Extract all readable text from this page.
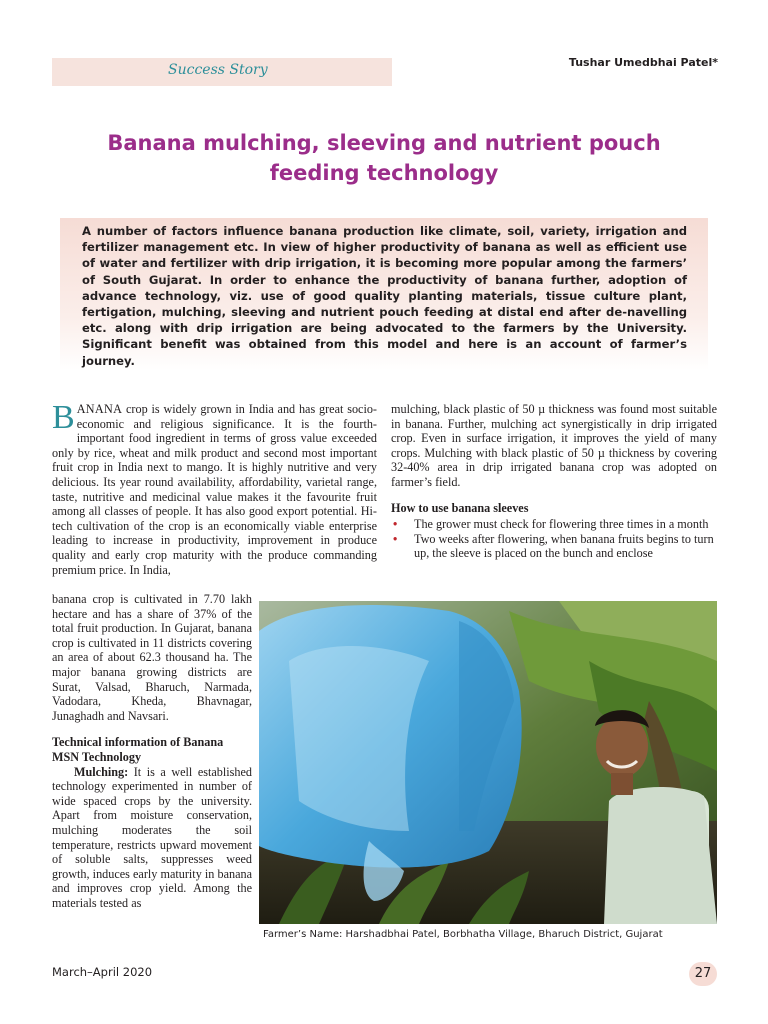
Success Story	Tushar Umedbhai Patel*
Banana mulching, sleeving and nutrient pouch
feeding technology

A number of factors influence banana production like climate, soil, variety, irrigation and fertilizer management etc. In view of higher productivity of banana as well as efficient use of water and fertilizer with drip irrigation, it is becoming more popular among the farmers’ of South Gujarat. In order to enhance the productivity of banana further, adoption of advance technology, viz. use of good quality planting materials, tissue culture plant, fertigation, mulching, sleeving and nutrient pouch feeding at distal end after de-navelling etc. along with drip irrigation are being advocated to the farmers by the University. Significant benefit was obtained from this model and here is an account of farmer’s journey.

BANANA crop is widely grown in India and has great socio-economic and religious significance. It is the fourth-important food ingredient in terms of gross value exceeded only by rice, wheat and milk product and second most important fruit crop in India next to mango. It is highly nutritive and very delicious. Its year round availability, affordability, varietal range, taste, nutritive and medicinal value makes it the favourite fruit among all classes of people. It has also good export potential. Hi-tech cultivation of the crop is an economically viable enterprise leading to increase in productivity, improvement in produce quality and early crop maturity with the produce commanding premium price. In India,

banana crop is cultivated in 7.70 lakh hectare and has a share of 37% of the total fruit production. In Gujarat, banana crop is cultivated in 11 districts covering an area of about 62.3 thousand ha. The major banana growing districts are Surat, Valsad, Bharuch, Narmada, Vadodara, Kheda, Bhavnagar, Junaghadh and Navsari.

Technical information of Banana MSN Technology

Mulching: It is a well established technology experimented in number of wide spaced crops by the university. Apart from moisture conservation, mulching moderates the soil temperature, restricts upward movement of soluble salts, suppresses weed growth, induces early maturity in banana and improves crop yield. Among the materials tested as

mulching, black plastic of 50 µ thickness was found most suitable in banana. Further, mulching act synergistically in drip irrigated crop. Even in surface irrigation, it improves the yield of many crops. Mulching with black plastic of 50 µ thickness by covering 32-40% area in drip irrigated banana crop was adopted on farmer’s field.

How to use banana sleeves

• The grower must check for flowering three times in a month
• Two weeks after flowering, when banana fruits begins to turn up, the sleeve is placed on the bunch and enclose
Farmer’s Name: Harshadbhai Patel, Borbhatha Village, Bharuch District, Gujarat
March–April 2020	27
